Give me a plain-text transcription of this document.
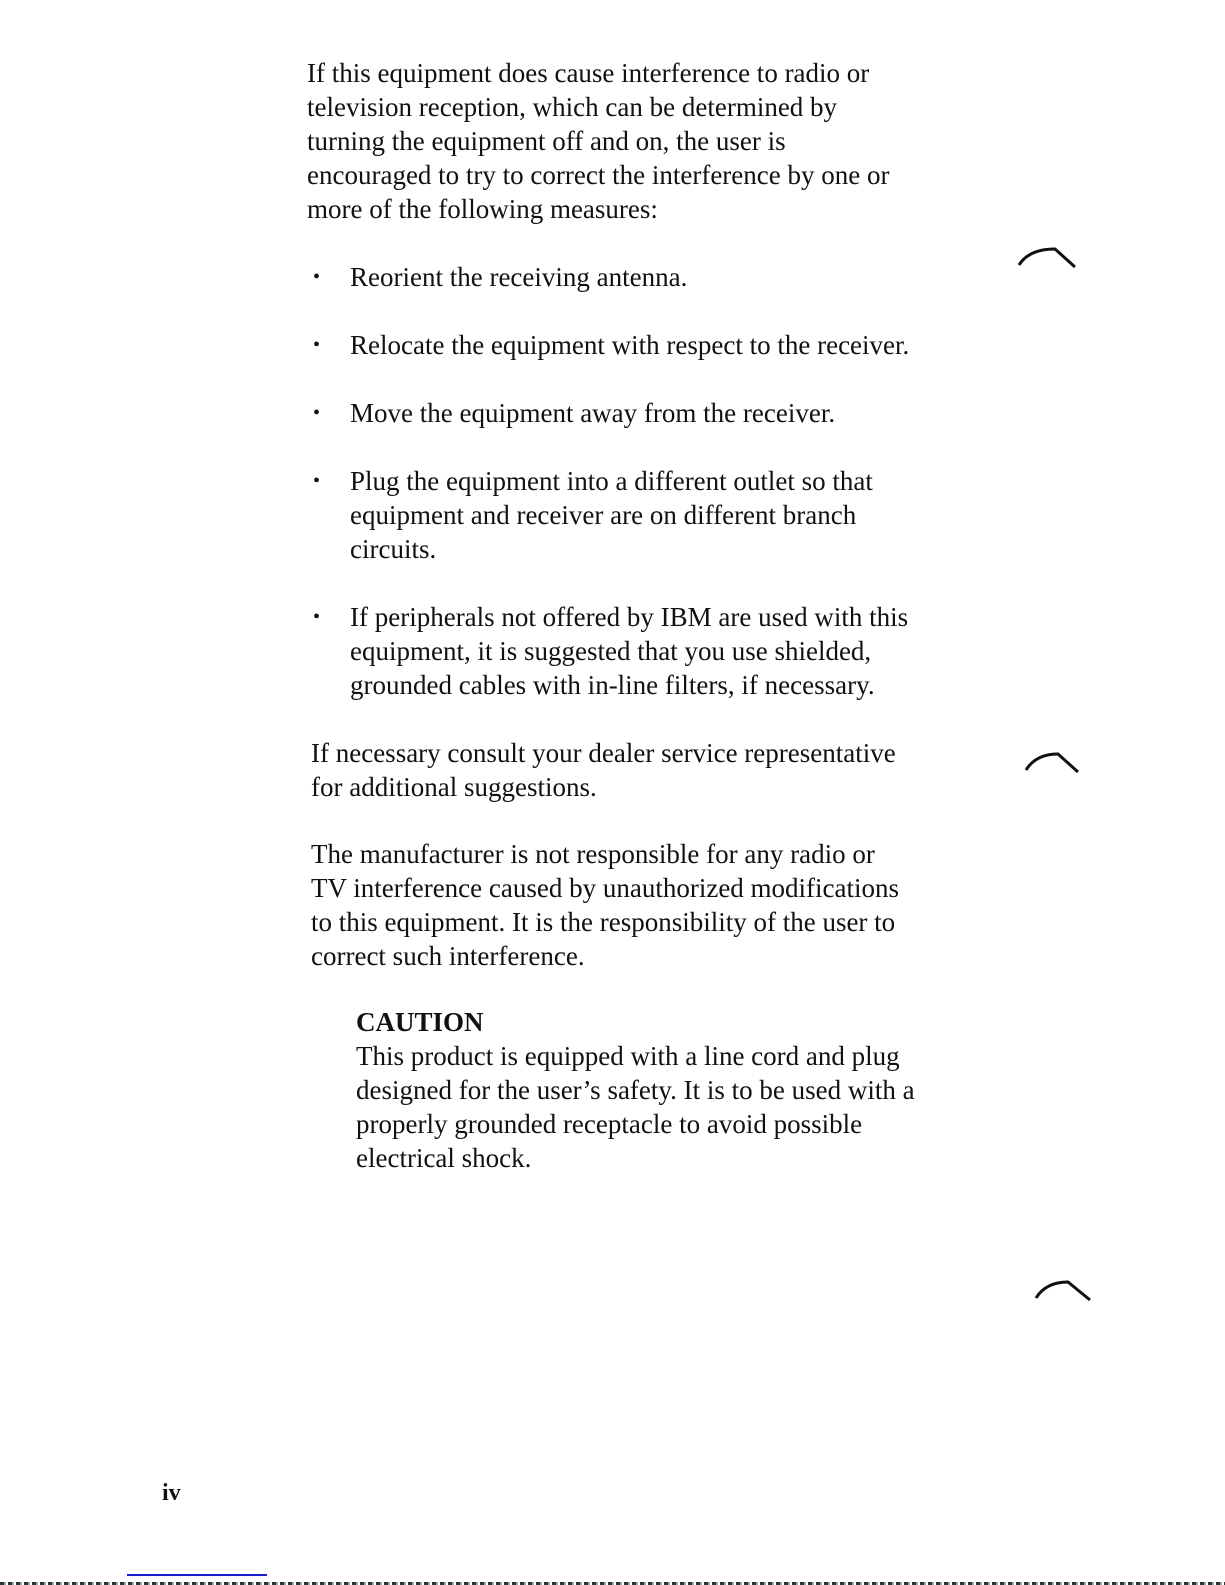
If this equipment does cause interference to radio or
television reception, which can be determined by
turning the equipment off and on, the user is
encouraged to try to correct the interference by one or
more of the following measures:
• Reorient the receiving antenna.
• Relocate the equipment with respect to the receiver.
• Move the equipment away from the receiver.
• Plug the equipment into a different outlet so that
equipment and receiver are on different branch
circuits.
• If peripherals not offered by IBM are used with this
equipment, it is suggested that you use shielded,
grounded cables with in-line filters, if necessary.
If necessary consult your dealer service representative
for additional suggestions.
The manufacturer is not responsible for any radio or
TV interference caused by unauthorized modifications
to this equipment. It is the responsibility of the user to
correct such interference.
CAUTION
This product is equipped with a line cord and plug
designed for the user’s safety. It is to be used with a
properly grounded receptacle to avoid possible
electrical shock.
iv
